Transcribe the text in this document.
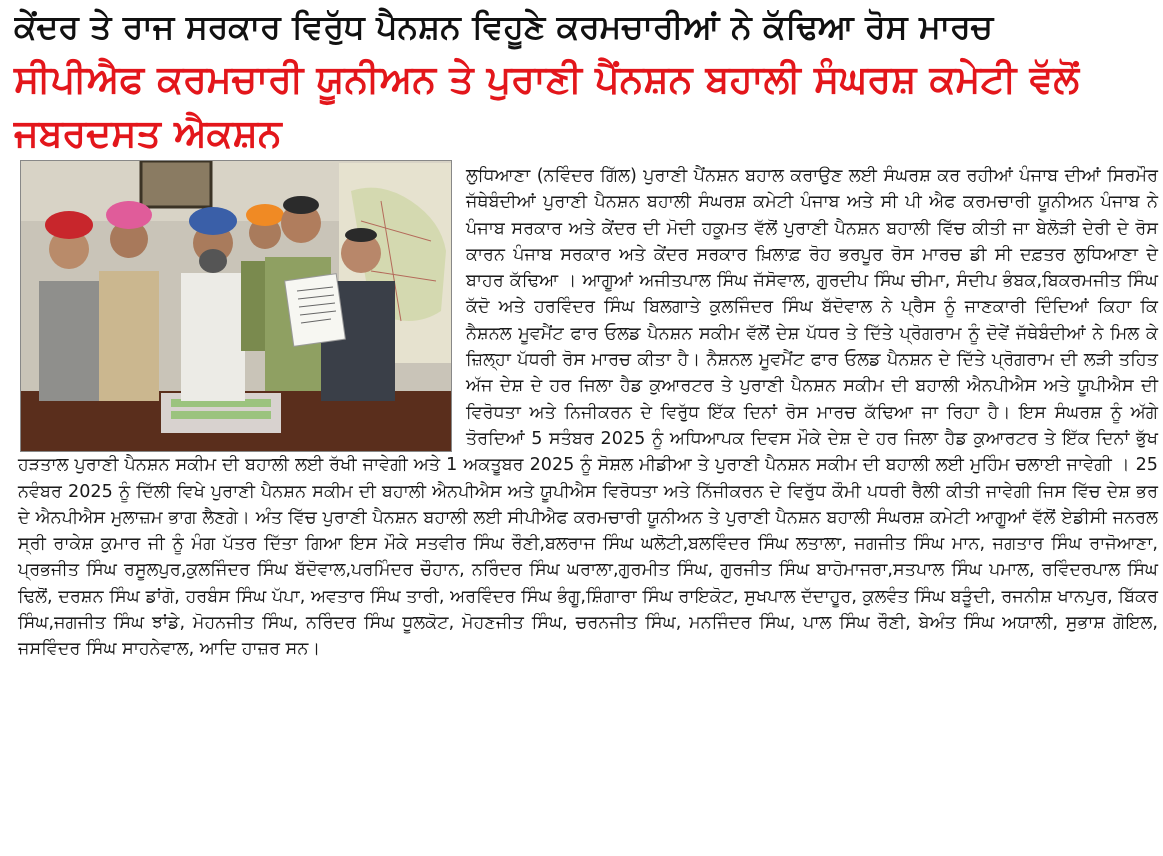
ਕੇਂਦਰ ਤੇ ਰਾਜ ਸਰਕਾਰ ਵਿਰੁੱਧ ਪੈਨਸ਼ਨ ਵਿਹੂਣੇ ਕਰਮਚਾਰੀਆਂ ਨੇ ਕੱਢਿਆ ਰੋਸ ਮਾਰਚ
ਸੀਪੀਐਫ ਕਰਮਚਾਰੀ ਯੂਨੀਅਨ ਤੇ ਪੁਰਾਣੀ ਪੈਂਨਸ਼ਨ ਬਹਾਲੀ ਸੰਘਰਸ਼ ਕਮੇਟੀ ਵੱਲੋਂ ਜਬਰਦਸਤ ਐਕਸ਼ਨ

ਲੁਧਿਆਣਾ (ਨਵਿੰਦਰ ਗਿੱਲ) ਪੁਰਾਣੀ ਪੈਂਨਸ਼ਨ ਬਹਾਲ ਕਰਾਉਣ ਲਈ ਸੰਘਰਸ਼ ਕਰ ਰਹੀਆਂ ਪੰਜਾਬ ਦੀਆਂ ਸਿਰਮੌਰ ਜੱਥੇਬੰਦੀਆਂ ਪੁਰਾਣੀ ਪੈਨਸ਼ਨ ਬਹਾਲੀ ਸੰਘਰਸ਼ ਕਮੇਟੀ ਪੰਜਾਬ ਅਤੇ ਸੀ ਪੀ ਐਫ ਕਰਮਚਾਰੀ ਯੂਨੀਅਨ ਪੰਜਾਬ ਨੇ ਪੰਜਾਬ ਸਰਕਾਰ ਅਤੇ ਕੇਂਦਰ ਦੀ ਮੋਦੀ ਹਕੂਮਤ ਵੱਲੋਂ ਪੁਰਾਣੀ ਪੈਨਸ਼ਨ ਬਹਾਲੀ ਵਿੱਚ ਕੀਤੀ ਜਾ ਬੇਲੋੜੀ ਦੇਰੀ ਦੇ ਰੋਸ ਕਾਰਨ ਪੰਜਾਬ ਸਰਕਾਰ ਅਤੇ ਕੇਂਦਰ ਸਰਕਾਰ ਖ਼ਿਲਾਫ਼ ਰੋਹ ਭਰਪੂਰ ਰੋਸ ਮਾਰਚ ਡੀ ਸੀ ਦਫ਼ਤਰ ਲੁਧਿਆਣਾ ਦੇ ਬਾਹਰ ਕੱਢਿਆ । ਆਗੂਆਂ ਅਜੀਤਪਾਲ ਸਿੰਘ ਜੱਸੋਵਾਲ, ਗੁਰਦੀਪ ਸਿੰਘ ਚੀਮਾ, ਸੰਦੀਪ ਭੰਬਕ,ਬਿਕਰਮਜੀਤ ਸਿੰਘ ਕੱਦੋ ਅਤੇ ਹਰਵਿੰਦਰ ਸਿੰਘ ਬਿਲਗਾਤੇ ਕੁਲਜਿੰਦਰ ਸਿੰਘ ਬੱਦੋਵਾਲ ਨੇ ਪ੍ਰੈਸ ਨੂੰ ਜਾਣਕਾਰੀ ਦਿੰਦਿਆਂ ਕਿਹਾ ਕਿ ਨੈਸ਼ਨਲ ਮੂਵਮੈਂਟ ਫਾਰ ਓਲਡ ਪੈਨਸ਼ਨ ਸਕੀਮ ਵੱਲੋਂ ਦੇਸ਼ ਪੱਧਰ ਤੇ ਦਿੱਤੇ ਪ੍ਰੋਗਰਾਮ ਨੂੰ ਦੋਵੇਂ ਜੱਥੇਬੰਦੀਆਂ ਨੇ ਮਿਲ ਕੇ ਜ਼ਿਲ੍ਹਾ ਪੱਧਰੀ ਰੋਸ ਮਾਰਚ ਕੀਤਾ ਹੈ। ਨੈਸ਼ਨਲ ਮੂਵਮੈਂਟ ਫਾਰ ਓਲਡ ਪੈਨਸ਼ਨ ਦੇ ਦਿੱਤੇ ਪ੍ਰੋਗਰਾਮ ਦੀ ਲੜੀ ਤਹਿਤ ਅੱਜ ਦੇਸ਼ ਦੇ ਹਰ ਜਿਲਾ ਹੈਡ ਕੁਆਰਟਰ ਤੇ ਪੁਰਾਣੀ ਪੈਨਸ਼ਨ ਸਕੀਮ ਦੀ ਬਹਾਲੀ ਐਨਪੀਐਸ ਅਤੇ ਯੂਪੀਐਸ ਦੀ ਵਿਰੋਧਤਾ ਅਤੇ ਨਿਜੀਕਰਨ ਦੇ ਵਿਰੁੱਧ ਇੱਕ ਦਿਨਾਂ ਰੋਸ ਮਾਰਚ ਕੱਢਿਆ ਜਾ ਰਿਹਾ ਹੈ। ਇਸ ਸੰਘਰਸ਼ ਨੂੰ ਅੱਗੇ ਤੋਰਦਿਆਂ 5 ਸਤੰਬਰ 2025 ਨੂੰ ਅਧਿਆਪਕ ਦਿਵਸ ਮੌਕੇ ਦੇਸ਼ ਦੇ ਹਰ ਜਿਲਾ ਹੈਡ ਕੁਆਰਟਰ ਤੇ ਇੱਕ ਦਿਨਾਂ ਭੁੱਖ ਹੜਤਾਲ ਪੁਰਾਣੀ ਪੈਨਸ਼ਨ ਸਕੀਮ ਦੀ ਬਹਾਲੀ ਲਈ ਰੱਖੀ ਜਾਵੇਗੀ ਅਤੇ 1 ਅਕਤੂਬਰ 2025 ਨੂੰ ਸੋਸ਼ਲ ਮੀਡੀਆ ਤੇ ਪੁਰਾਣੀ ਪੈਨਸ਼ਨ ਸਕੀਮ ਦੀ ਬਹਾਲੀ ਲਈ ਮੁਹਿੰਮ ਚਲਾਈ ਜਾਵੇਗੀ । 25 ਨਵੰਬਰ 2025 ਨੂੰ ਦਿੱਲੀ ਵਿਖੇ ਪੁਰਾਣੀ ਪੈਨਸ਼ਨ ਸਕੀਮ ਦੀ ਬਹਾਲੀ ਐਨਪੀਐਸ ਅਤੇ ਯੂਪੀਐਸ ਵਿਰੋਧਤਾ ਅਤੇ ਨਿੱਜੀਕਰਨ ਦੇ ਵਿਰੁੱਧ ਕੌਮੀ ਪਧਰੀ ਰੈਲੀ ਕੀਤੀ ਜਾਵੇਗੀ ਜਿਸ ਵਿੱਚ ਦੇਸ਼ ਭਰ ਦੇ ਐਨਪੀਐਸ ਮੁਲਾਜ਼ਮ ਭਾਗ ਲੈਣਗੇ। ਅੰਤ ਵਿੱਚ ਪੁਰਾਣੀ ਪੈਨਸ਼ਨ ਬਹਾਲੀ ਲਈ ਸੀਪੀਐਫ ਕਰਮਚਾਰੀ ਯੂਨੀਅਨ ਤੇ ਪੁਰਾਣੀ ਪੈਨਸ਼ਨ ਬਹਾਲੀ ਸੰਘਰਸ਼ ਕਮੇਟੀ ਆਗੂਆਂ ਵੱਲੋਂ ਏਡੀਸੀ ਜਨਰਲ ਸ੍ਰੀ ਰਾਕੇਸ਼ ਕੁਮਾਰ ਜੀ ਨੂੰ ਮੰਗ ਪੱਤਰ ਦਿੱਤਾ ਗਿਆ ਇਸ ਮੌਕੇ ਸਤਵੀਰ ਸਿੰਘ ਰੌਣੀ,ਬਲਰਾਜ ਸਿੰਘ ਘਲੋਟੀ,ਬਲਵਿੰਦਰ ਸਿੰਘ ਲਤਾਲਾ, ਜਗਜੀਤ ਸਿੰਘ ਮਾਨ, ਜਗਤਾਰ ਸਿੰਘ ਰਾਜੋਆਣਾ, ਪ੍ਰਭਜੀਤ ਸਿੰਘ ਰਸੂਲਪੁਰ,ਕੁਲਜਿੰਦਰ ਸਿੰਘ ਬੱਦੋਵਾਲ,ਪਰਮਿੰਦਰ ਚੌਹਾਨ, ਨਰਿੰਦਰ ਸਿੰਘ ਘਰਾਲਾ,ਗੁਰਮੀਤ ਸਿੰਘ, ਗੁਰਜੀਤ ਸਿੰਘ ਬਾਹੋਮਾਜਰਾ,ਸਤਪਾਲ ਸਿੰਘ ਪਮਾਲ, ਰਵਿੰਦਰਪਾਲ ਸਿੰਘ ਢਿਲੋਂ, ਦਰਸ਼ਨ ਸਿੰਘ ਡਾਂਗੋ, ਹਰਬੰਸ ਸਿੰਘ ਪੱਪਾ, ਅਵਤਾਰ ਸਿੰਘ ਤਾਰੀ, ਅਰਵਿੰਦਰ ਸਿੰਘ ਭੰਗੂ,ਸ਼ਿੰਗਾਰਾ ਸਿੰਘ ਰਾਇਕੋਟ, ਸੁਖਪਾਲ ਦੱਦਾਹੂਰ, ਕੁਲਵੰਤ ਸਿੰਘ ਬੜੂੰਦੀ, ਰਜਨੀਸ਼ ਖਾਨਪੁਰ, ਬਿੱਕਰ ਸਿੰਘ,ਜਗਜੀਤ ਸਿੰਘ ਝਾਂਡੇ, ਮੋਹਨਜੀਤ ਸਿੰਘ, ਨਰਿੰਦਰ ਸਿੰਘ ਧੂਲਕੋਟ, ਮੋਹਣਜੀਤ ਸਿੰਘ, ਚਰਨਜੀਤ ਸਿੰਘ, ਮਨਜਿੰਦਰ ਸਿੰਘ, ਪਾਲ ਸਿੰਘ ਰੌਣੀ, ਬੇਅੰਤ ਸਿੰਘ ਅਯਾਲੀ, ਸੁਭਾਸ਼ ਗੋਇਲ, ਜਸਵਿੰਦਰ ਸਿੰਘ ਸਾਹਨੇਵਾਲ, ਆਦਿ ਹਾਜ਼ਰ ਸਨ।
